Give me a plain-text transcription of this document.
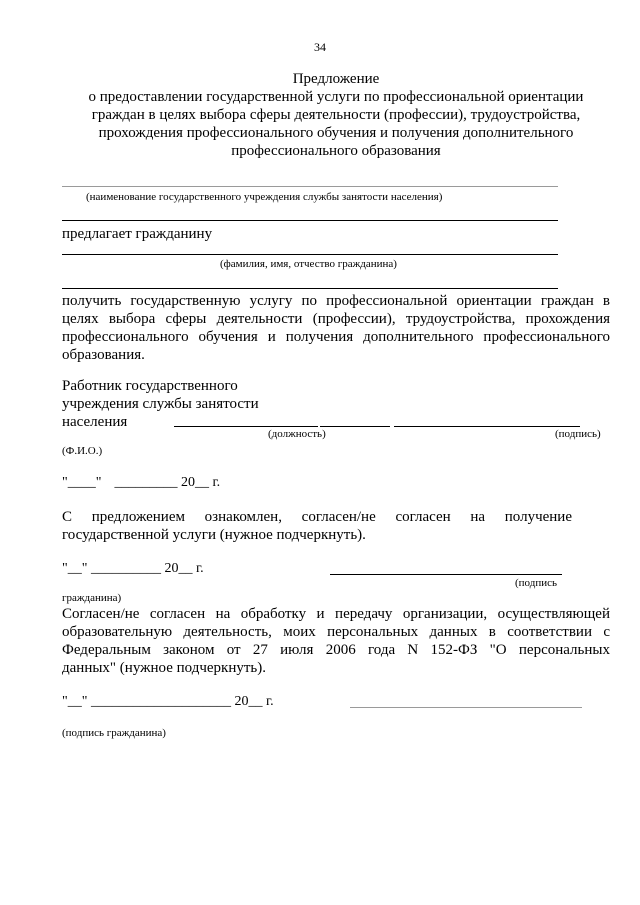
34
Предложение
о предоставлении государственной услуги по профессиональной ориентации
граждан в целях выбора сферы деятельности (профессии), трудоустройства,
прохождения профессионального обучения и получения дополнительного
профессионального образования
(наименование государственного учреждения службы занятости населения)
предлагает гражданину
(фамилия, имя, отчество гражданина)
получить государственную услугу по профессиональной ориентации граждан в
целях выбора сферы деятельности (профессии), трудоустройства, прохождения
профессионального обучения и получения дополнительного профессионального
образования.
Работник государственного
учреждения службы занятости
населения
(должность)	(подпись)
(Ф.И.О.)
"____" _________ 20__ г.
С предложением ознакомлен, согласен/не согласен на получение
государственной услуги (нужное подчеркнуть).
"__" __________ 20__ г.
(подпись
гражданина)
Согласен/не согласен на обработку и передачу организации, осуществляющей
образовательную деятельность, моих персональных данных в соответствии с
Федеральным законом от 27 июля 2006 года N 152-ФЗ "О персональных
данных" (нужное подчеркнуть).
"__" ____________________ 20__ г.
(подпись гражданина)
